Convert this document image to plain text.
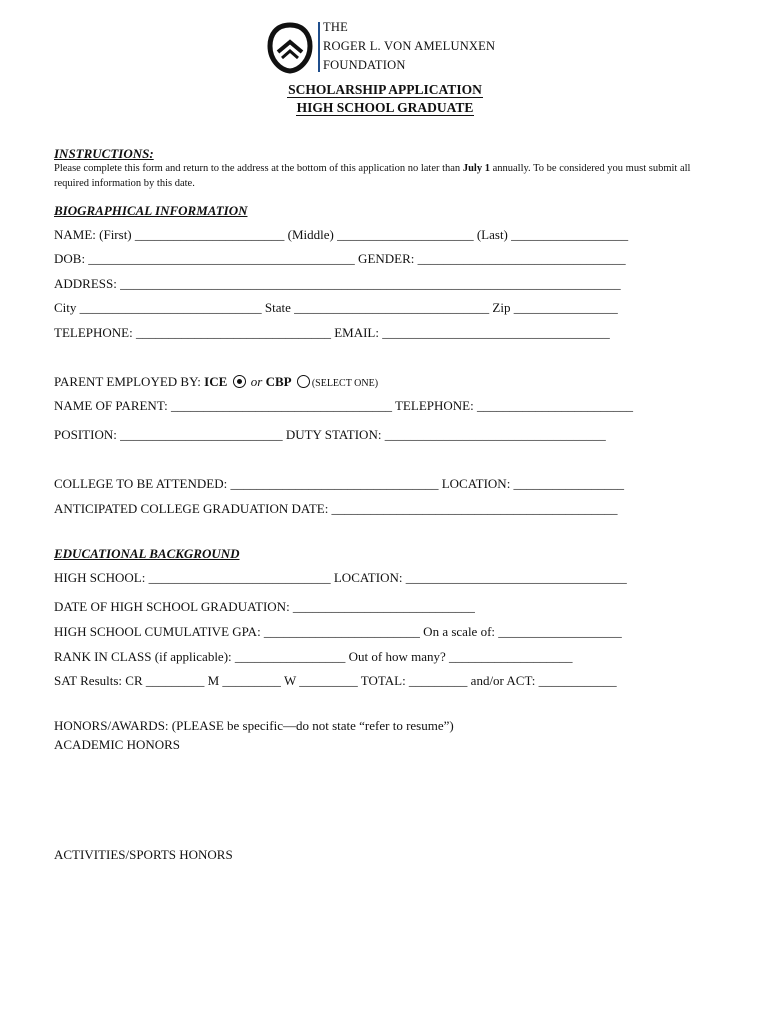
THE
ROGER L. VON AMELUNXEN
FOUNDATION
SCHOLARSHIP APPLICATION
HIGH SCHOOL GRADUATE
INSTRUCTIONS:
Please complete this form and return to the address at the bottom of this application no later than July 1 annually. To be considered you must submit all required information by this date.
BIOGRAPHICAL INFORMATION
NAME: (First) _______________________ (Middle) _____________________ (Last) __________________
DOB: _________________________________________ GENDER: ________________________________
ADDRESS: _____________________________________________________________________________
City ____________________________ State ______________________________ Zip ________________
TELEPHONE: ______________________________ EMAIL: ___________________________________
PARENT EMPLOYED BY: ICE  or CBP (SELECT ONE)
NAME OF PARENT: __________________________________ TELEPHONE: ________________________
POSITION: _________________________ DUTY STATION: __________________________________
COLLEGE TO BE ATTENDED: ________________________________ LOCATION: _________________
ANTICIPATED COLLEGE GRADUATION DATE: ____________________________________________
EDUCATIONAL BACKGROUND
HIGH SCHOOL: ____________________________ LOCATION: __________________________________
DATE OF HIGH SCHOOL GRADUATION: ____________________________
HIGH SCHOOL CUMULATIVE GPA: ________________________ On a scale of: ___________________
RANK IN CLASS (if applicable): _________________ Out of how many? ___________________
SAT Results: CR _________ M _________ W _________ TOTAL: _________ and/or ACT: ____________
HONORS/AWARDS: (PLEASE be specific—do not state “refer to resume”)
ACADEMIC HONORS
ACTIVITIES/SPORTS HONORS
